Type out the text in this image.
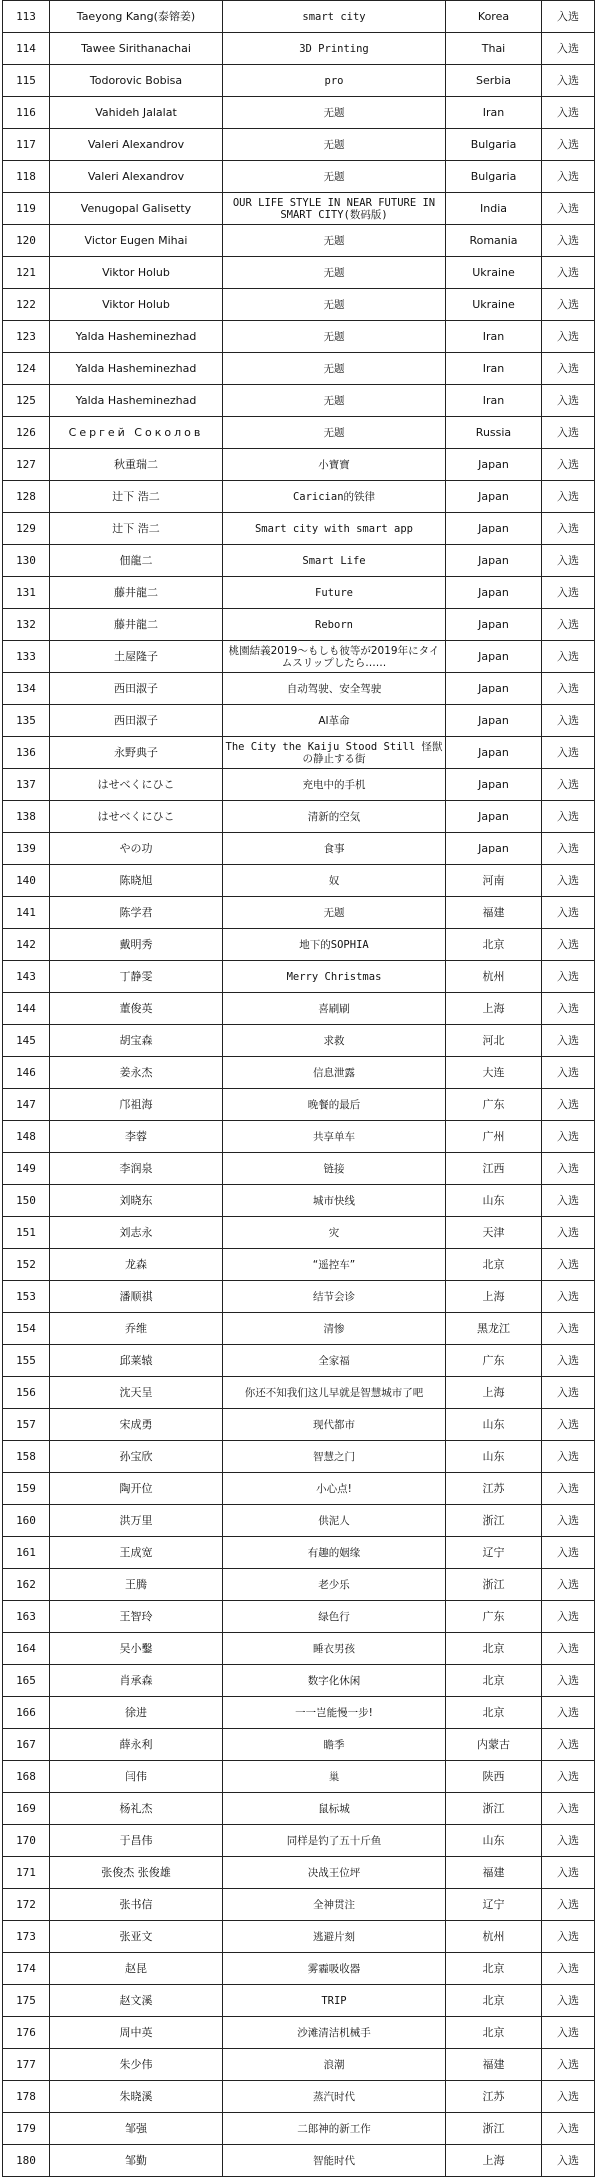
113	Taeyong Kang(泰镕姜)	smart city	Korea	入选
114	Tawee Sirithanachai	3D Printing	Thai	入选
115	Todorovic Bobisa	pro	Serbia	入选
116	Vahideh Jalalat	无题	Iran	入选
117	Valeri Alexandrov	无题	Bulgaria	入选
118	Valeri Alexandrov	无题	Bulgaria	入选
119	Venugopal Galisetty	OUR LIFE STYLE IN NEAR FUTURE IN SMART CITY(数码版)	India	入选
120	Victor Eugen Mihai	无题	Romania	入选
121	Viktor Holub	无题	Ukraine	入选
122	Viktor Holub	无题	Ukraine	入选
123	Yalda Hasheminezhad	无题	Iran	入选
124	Yalda Hasheminezhad	无题	Iran	入选
125	Yalda Hasheminezhad	无题	Iran	入选
126	Сергей Соколов	无题	Russia	入选
127	秋重瑞二	小寶寶	Japan	入选
128	辻下 浩二	Carician的铁律	Japan	入选
129	辻下 浩二	Smart city with smart app	Japan	入选
130	佃龍二	Smart Life	Japan	入选
131	藤井龍二	Future	Japan	入选
132	藤井龍二	Reborn	Japan	入选
133	土屋隆子	桃園結義2019～もしも彼等が2019年にタイムスリップしたら……	Japan	入选
134	西田淑子	自动驾驶、安全驾驶	Japan	入选
135	西田淑子	AI革命	Japan	入选
136	永野典子	The City the Kaiju Stood Still 怪獣の静止する街	Japan	入选
137	はせべくにひこ	充电中的手机	Japan	入选
138	はせべくにひこ	清新的空気	Japan	入选
139	やの功	食事	Japan	入选
140	陈晓旭	奴	河南	入选
141	陈学君	无题	福建	入选
142	戴明秀	地下的SOPHIA	北京	入选
143	丁静雯	Merry Christmas	杭州	入选
144	董俊英	喜刷刷	上海	入选
145	胡宝森	求救	河北	入选
146	姜永杰	信息泄露	大连	入选
147	邝祖海	晚餐的最后	广东	入选
148	李蓉	共享单车	广州	入选
149	李润泉	链接	江西	入选
150	刘晓东	城市快线	山东	入选
151	刘志永	灾	天津	入选
152	龙森	“遥控车”	北京	入选
153	潘顺祺	结节会诊	上海	入选
154	乔维	清惨	黑龙江	入选
155	邱莱辕	全家福	广东	入选
156	沈天呈	你还不知我们这儿早就是智慧城市了吧	上海	入选
157	宋成勇	现代都市	山东	入选
158	孙宝欣	智慧之门	山东	入选
159	陶开位	小心点!	江苏	入选
160	洪万里	供泥人	浙江	入选
161	王成宽	有趣的姻缘	辽宁	入选
162	王腾	老少乐	浙江	入选
163	王智玲	绿色行	广东	入选
164	吴小鑿	睡衣男孩	北京	入选
165	肖承森	数字化休闲	北京	入选
166	徐进	一一岂能慢一步!	北京	入选
167	薛永利	瞻季	内蒙古	入选
168	闫伟	巢	陕西	入选
169	杨礼杰	鼠标城	浙江	入选
170	于昌伟	同样是钓了五十斤鱼	山东	入选
171	张俊杰 张俊雄	决战王位坪	福建	入选
172	张书信	全神贯注	辽宁	入选
173	张亚文	逃避片刻	杭州	入选
174	赵昆	雾霾吸收器	北京	入选
175	赵文溪	TRIP	北京	入选
176	周中英	沙滩清洁机械手	北京	入选
177	朱少伟	浪潮	福建	入选
178	朱晓溪	蒸汽时代	江苏	入选
179	邹强	二郎神的新工作	浙江	入选
180	邹勤	智能时代	上海	入选
